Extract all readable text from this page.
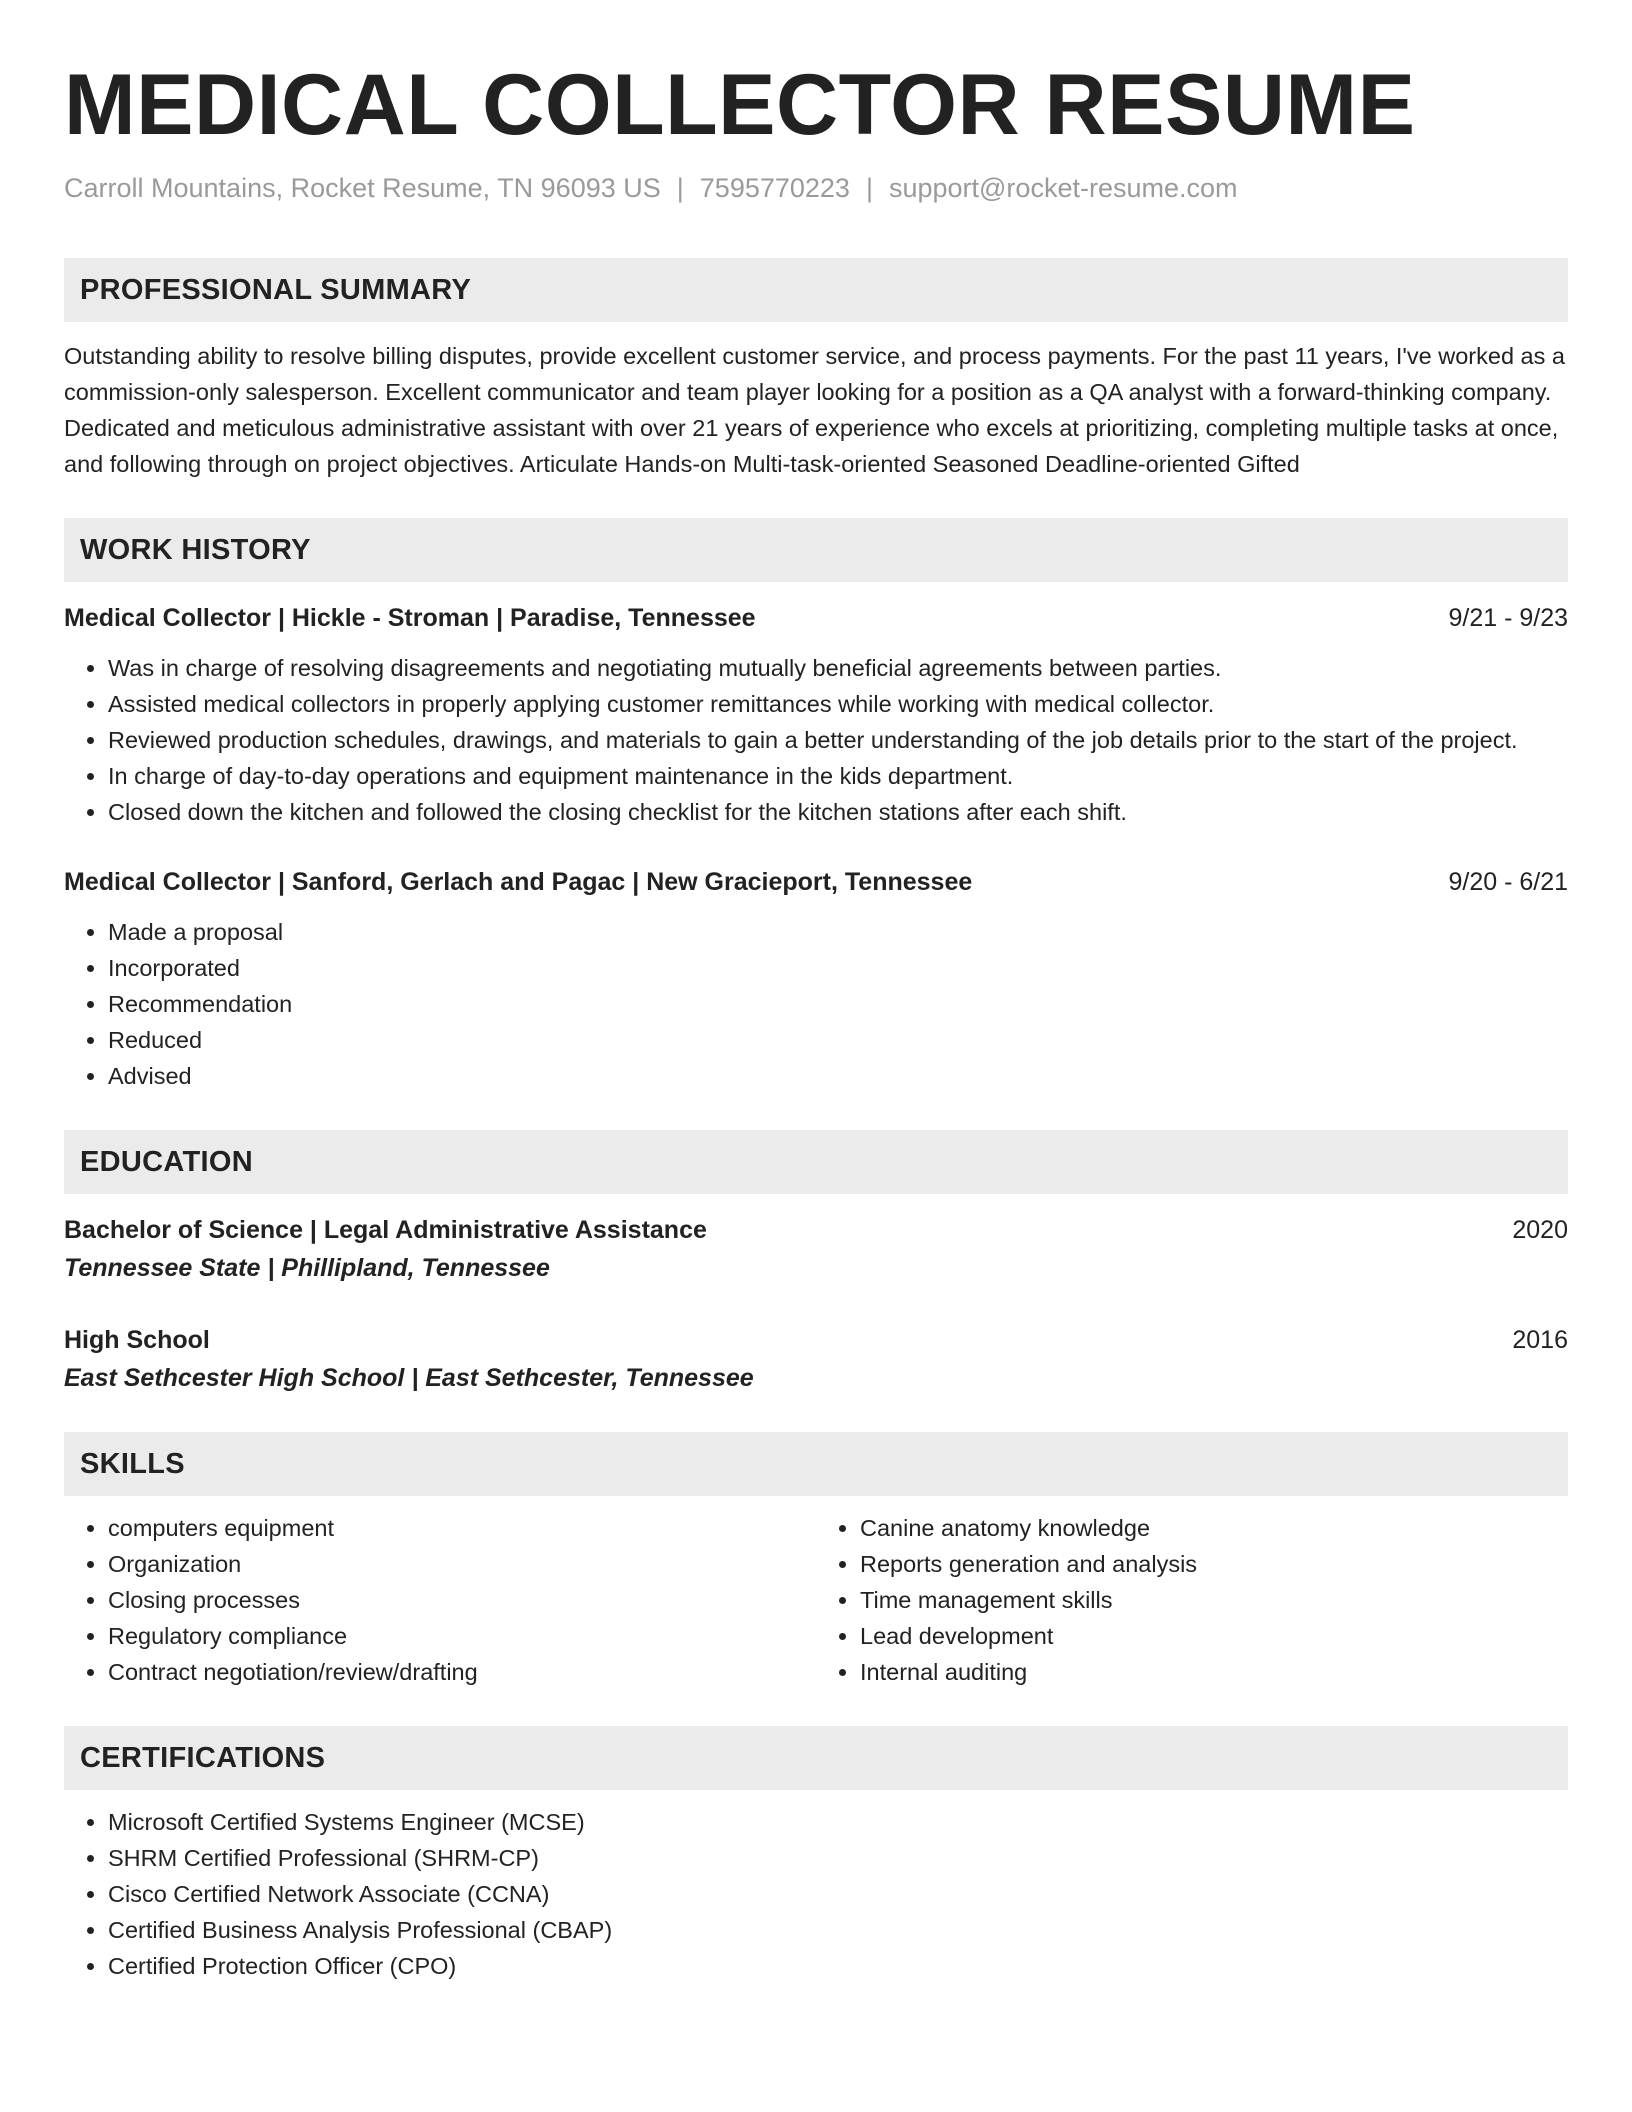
MEDICAL COLLECTOR RESUME
Carroll Mountains, Rocket Resume, TN 96093 US | 7595770223 | support@rocket-resume.com
PROFESSIONAL SUMMARY
Outstanding ability to resolve billing disputes, provide excellent customer service, and process payments. For the past 11 years, I've worked as a commission-only salesperson. Excellent communicator and team player looking for a position as a QA analyst with a forward-thinking company. Dedicated and meticulous administrative assistant with over 21 years of experience who excels at prioritizing, completing multiple tasks at once, and following through on project objectives. Articulate Hands-on Multi-task-oriented Seasoned Deadline-oriented Gifted
WORK HISTORY
Medical Collector | Hickle - Stroman | Paradise, Tennessee	9/21 - 9/23
• Was in charge of resolving disagreements and negotiating mutually beneficial agreements between parties.
• Assisted medical collectors in properly applying customer remittances while working with medical collector.
• Reviewed production schedules, drawings, and materials to gain a better understanding of the job details prior to the start of the project.
• In charge of day-to-day operations and equipment maintenance in the kids department.
• Closed down the kitchen and followed the closing checklist for the kitchen stations after each shift.
Medical Collector | Sanford, Gerlach and Pagac | New Gracieport, Tennessee	9/20 - 6/21
• Made a proposal
• Incorporated
• Recommendation
• Reduced
• Advised
EDUCATION
Bachelor of Science | Legal Administrative Assistance	2020
Tennessee State | Phillipland, Tennessee
High School	2016
East Sethcester High School | East Sethcester, Tennessee
SKILLS
• computers equipment
• Organization
• Closing processes
• Regulatory compliance
• Contract negotiation/review/drafting
• Canine anatomy knowledge
• Reports generation and analysis
• Time management skills
• Lead development
• Internal auditing
CERTIFICATIONS
• Microsoft Certified Systems Engineer (MCSE)
• SHRM Certified Professional (SHRM-CP)
• Cisco Certified Network Associate (CCNA)
• Certified Business Analysis Professional (CBAP)
• Certified Protection Officer (CPO)
